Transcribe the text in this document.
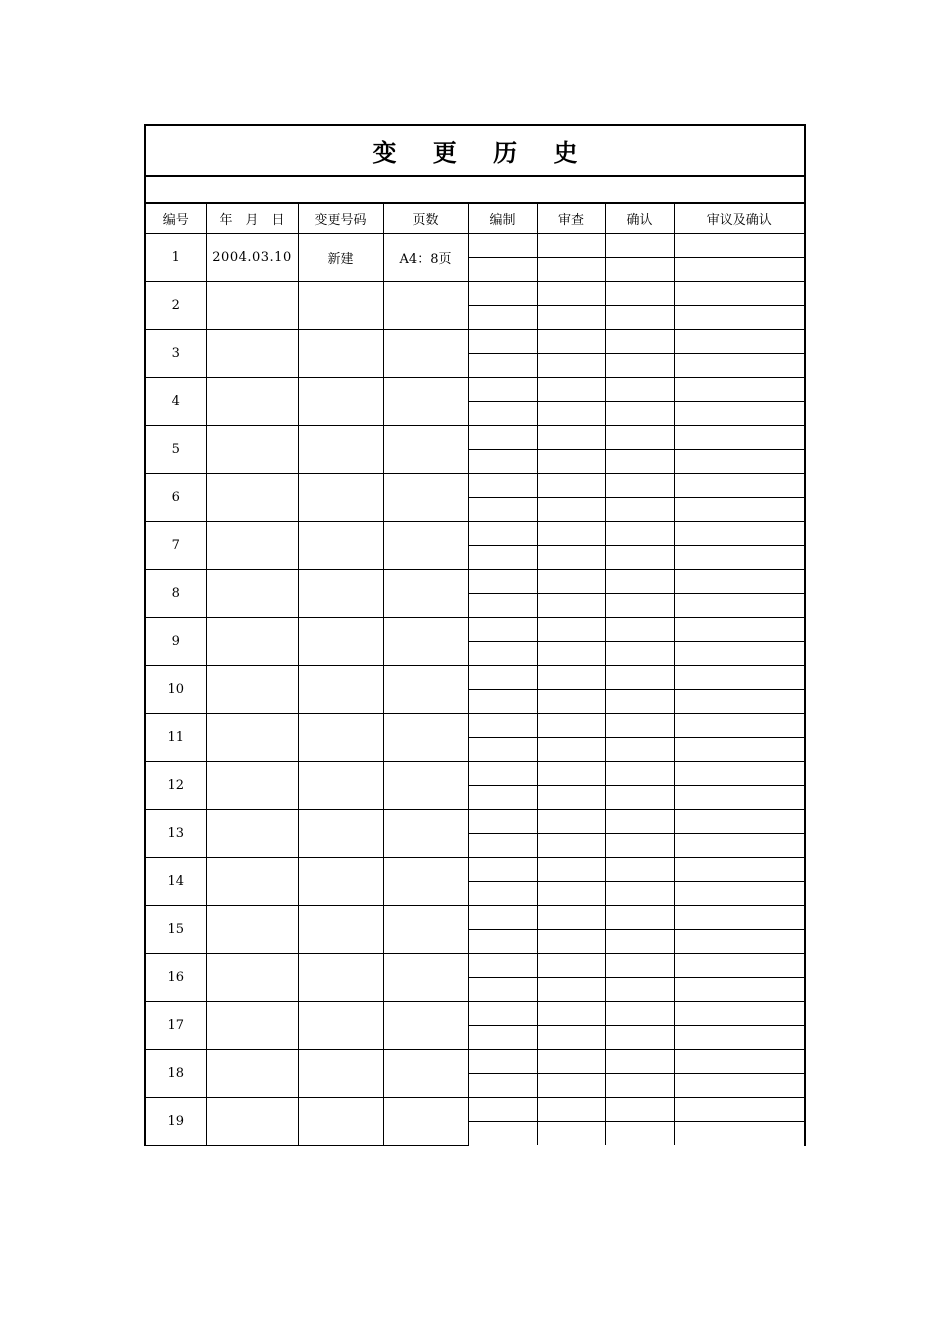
变 更 历 史
编号	年　月　日	变更号码	页数	编制	审查	确认	审议及确认
1	2004.03.10	新建	A4：8页				

2							

3							

4							

5							

6							

7							

8							

9							

10							

11							

12							

13							

14							

15							

16							

17							

18							

19							
